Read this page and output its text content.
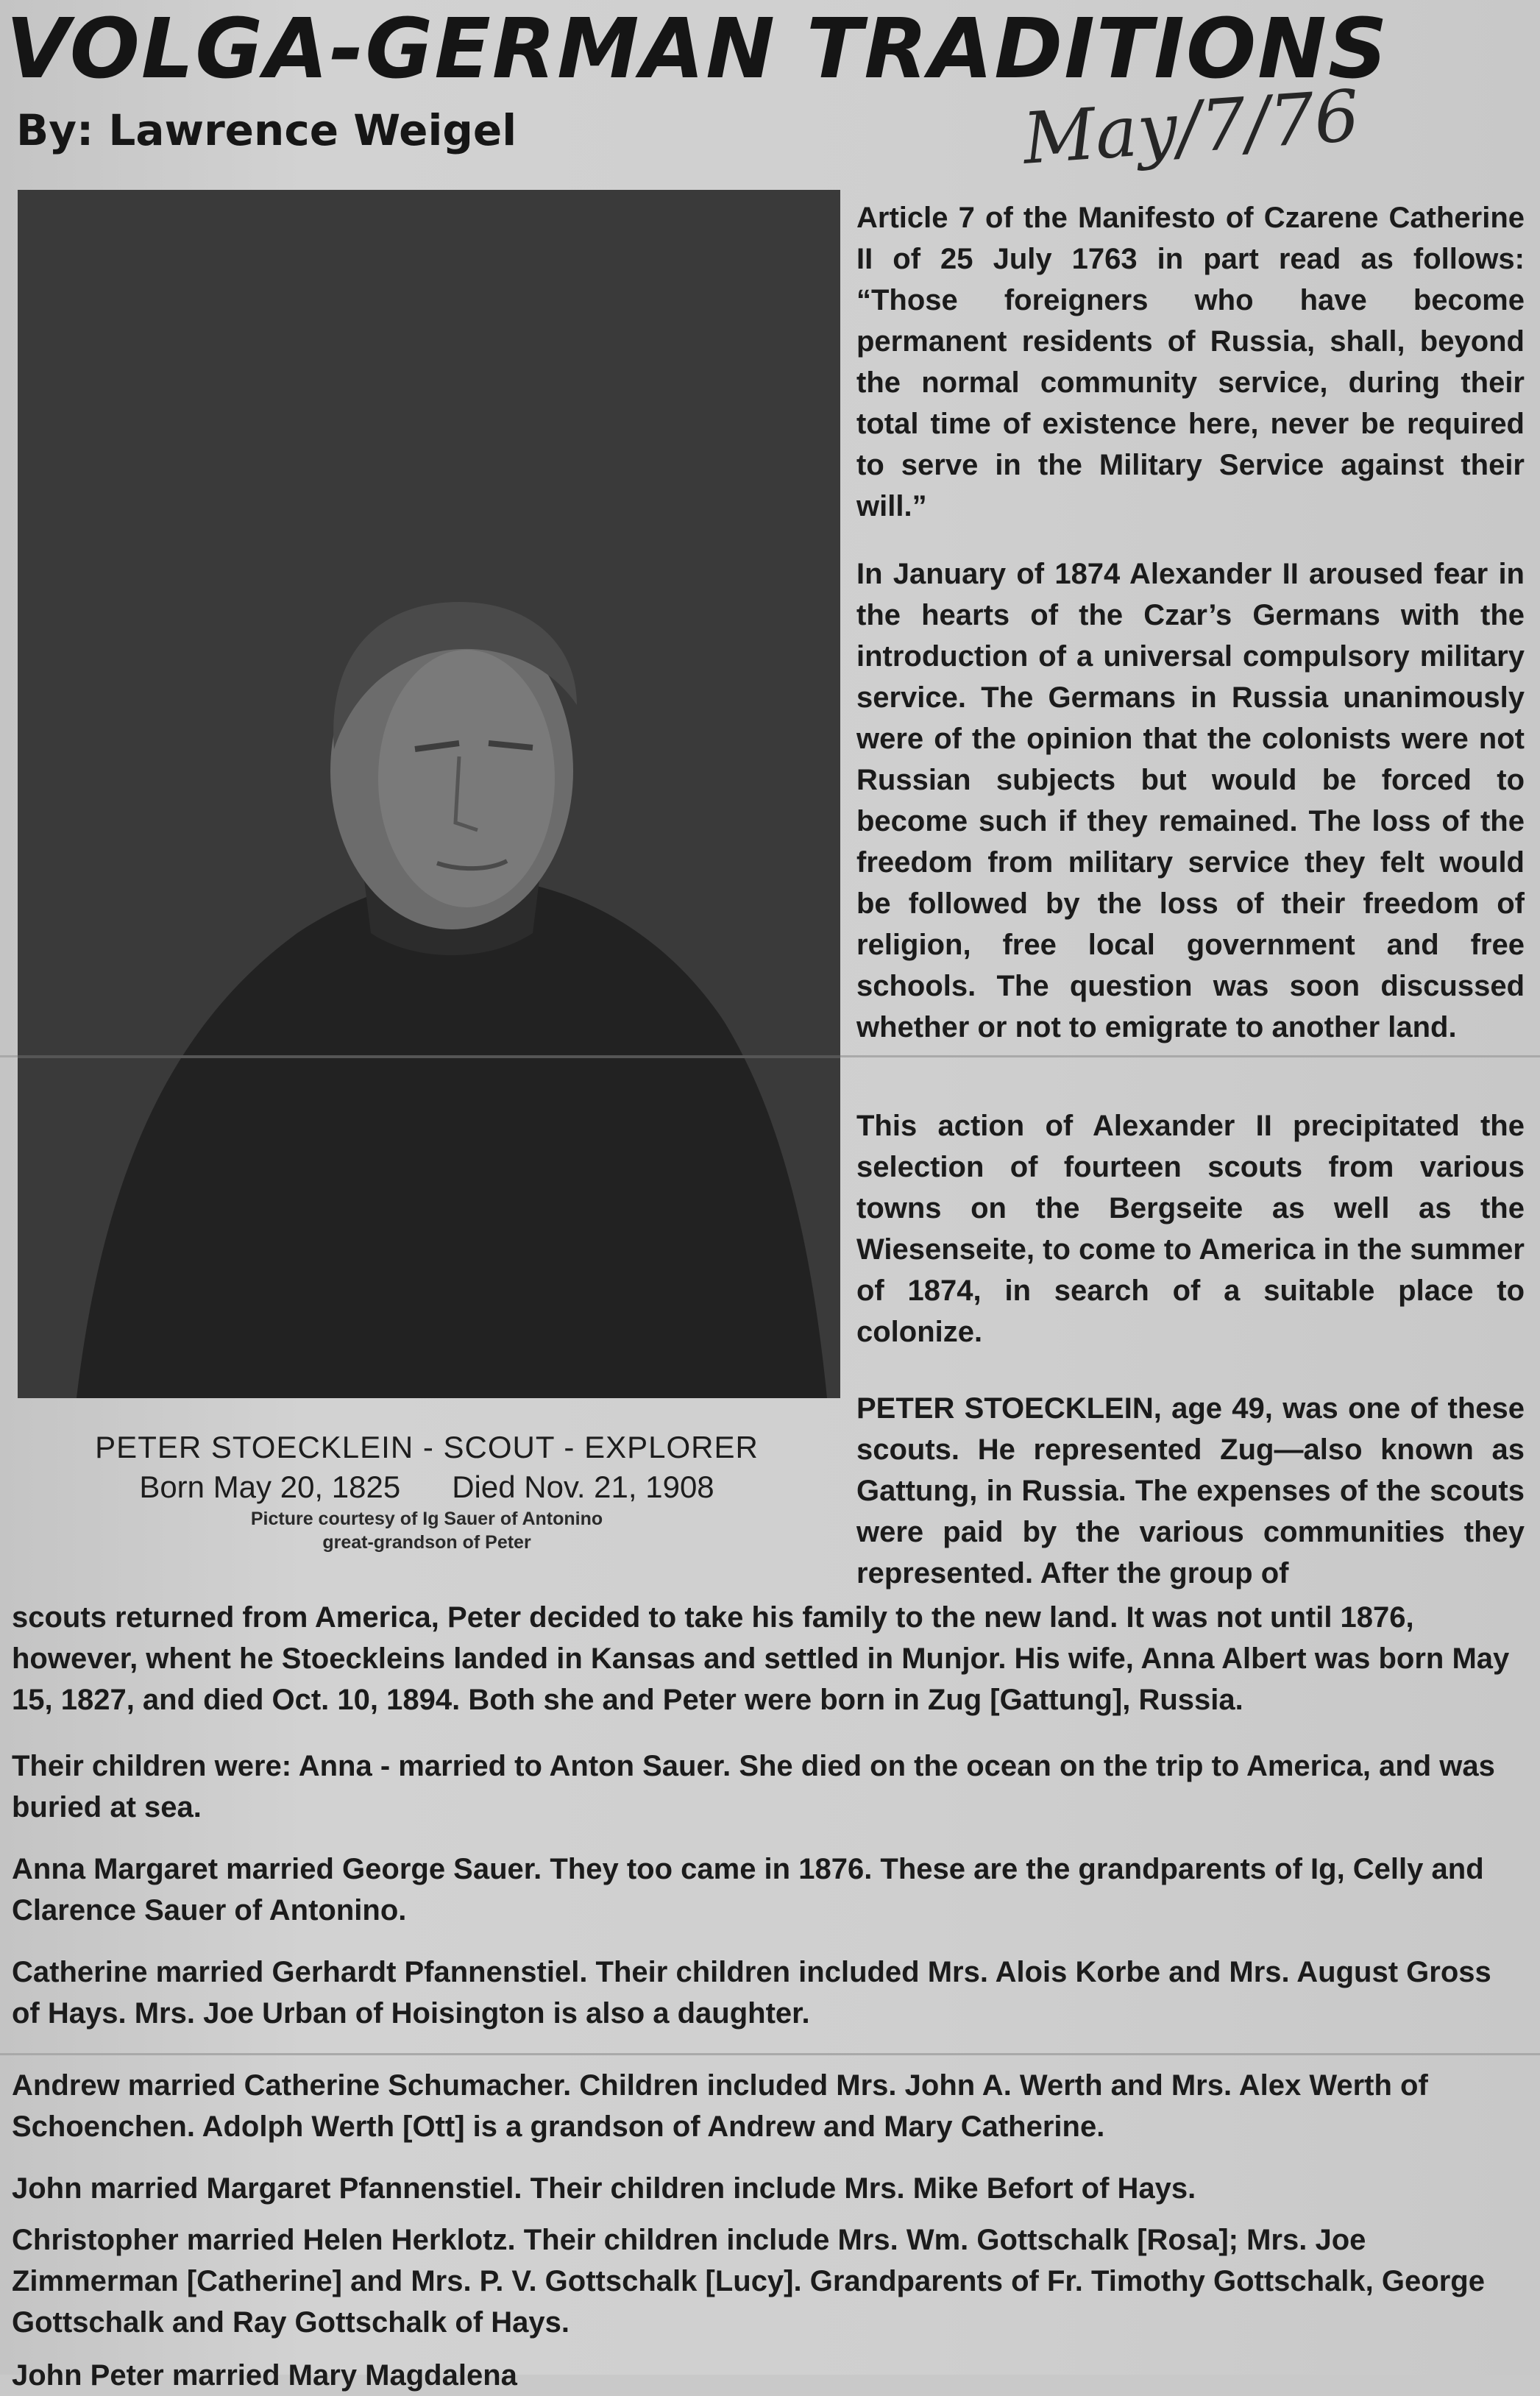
VOLGA-GERMAN TRADITIONS
By: Lawrence Weigel	May/7/76
PETER STOECKLEIN - SCOUT - EXPLORER
Born May 20, 1825      Died Nov. 21, 1908
Picture courtesy of Ig Sauer of Antonino
great-grandson of Peter
Article 7 of the Manifesto of Czarene Catherine II of 25 July 1763 in part read as follows: “Those foreigners who have become permanent residents of Russia, shall, beyond the normal community service, during their total time of existence here, never be required to serve in the Military Service against their will.”
In January of 1874 Alexander II aroused fear in the hearts of the Czar’s Germans with the introduction of a universal compulsory military service. The Germans in Russia unanimously were of the opinion that the colonists were not Russian subjects but would be forced to become such if they remained. The loss of the freedom from military service they felt would be followed by the loss of their freedom of religion, free local government and free schools. The question was soon discussed whether or not to emigrate to another land.
This action of Alexander II precipitated the selection of fourteen scouts from various towns on the Bergseite as well as the Wiesenseite, to come to America in the summer of 1874, in search of a suitable place to colonize.
PETER STOECKLEIN, age 49, was one of these scouts. He represented Zug—also known as Gattung, in Russia. The expenses of the scouts were paid by the various communities they represented. After the group of
scouts returned from America, Peter decided to take his family to the new land. It was not until 1876, however, whent he Stoeckleins landed in Kansas and settled in Munjor. His wife, Anna Albert was born May 15, 1827, and died Oct. 10, 1894. Both she and Peter were born in Zug [Gattung], Russia.
Their children were: Anna - married to Anton Sauer. She died on the ocean on the trip to America, and was buried at sea.
Anna Margaret married George Sauer. They too came in 1876. These are the grandparents of Ig, Celly and Clarence Sauer of Antonino.
Catherine married Gerhardt Pfannenstiel. Their children included Mrs. Alois Korbe and Mrs. August Gross of Hays. Mrs. Joe Urban of Hoisington is also a daughter.
Andrew married Catherine Schumacher. Children included Mrs. John A. Werth and Mrs. Alex Werth of Schoenchen. Adolph Werth [Ott] is a grandson of Andrew and Mary Catherine.
John married Margaret Pfannenstiel. Their children include Mrs. Mike Befort of Hays.
Christopher married Helen Herklotz. Their children include Mrs. Wm. Gottschalk [Rosa]; Mrs. Joe Zimmerman [Catherine] and Mrs. P. V. Gottschalk [Lucy]. Grandparents of Fr. Timothy Gottschalk, George Gottschalk and Ray Gottschalk of Hays.
John Peter married Mary Magdalena
